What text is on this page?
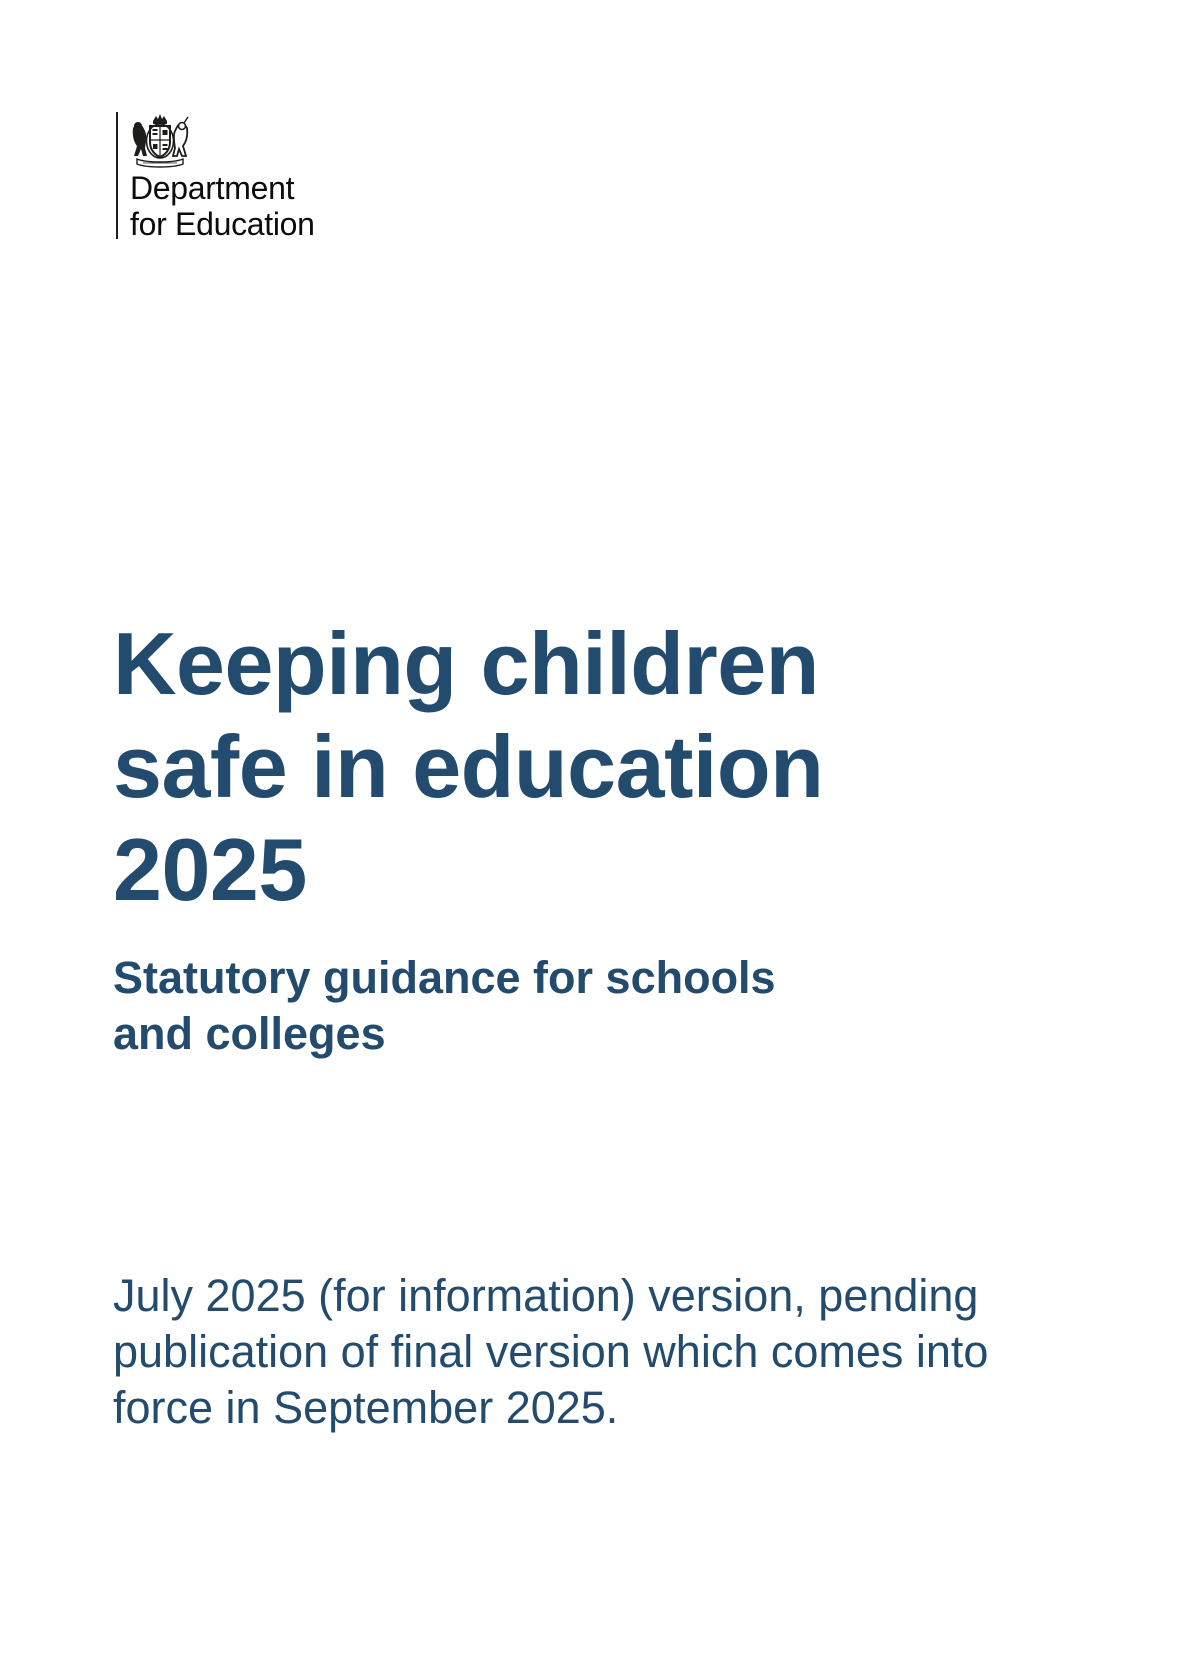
Department
for Education
Keeping children
safe in education
2025
Statutory guidance for schools
and colleges

July 2025 (for information) version, pending
publication of final version which comes into
force in September 2025.
